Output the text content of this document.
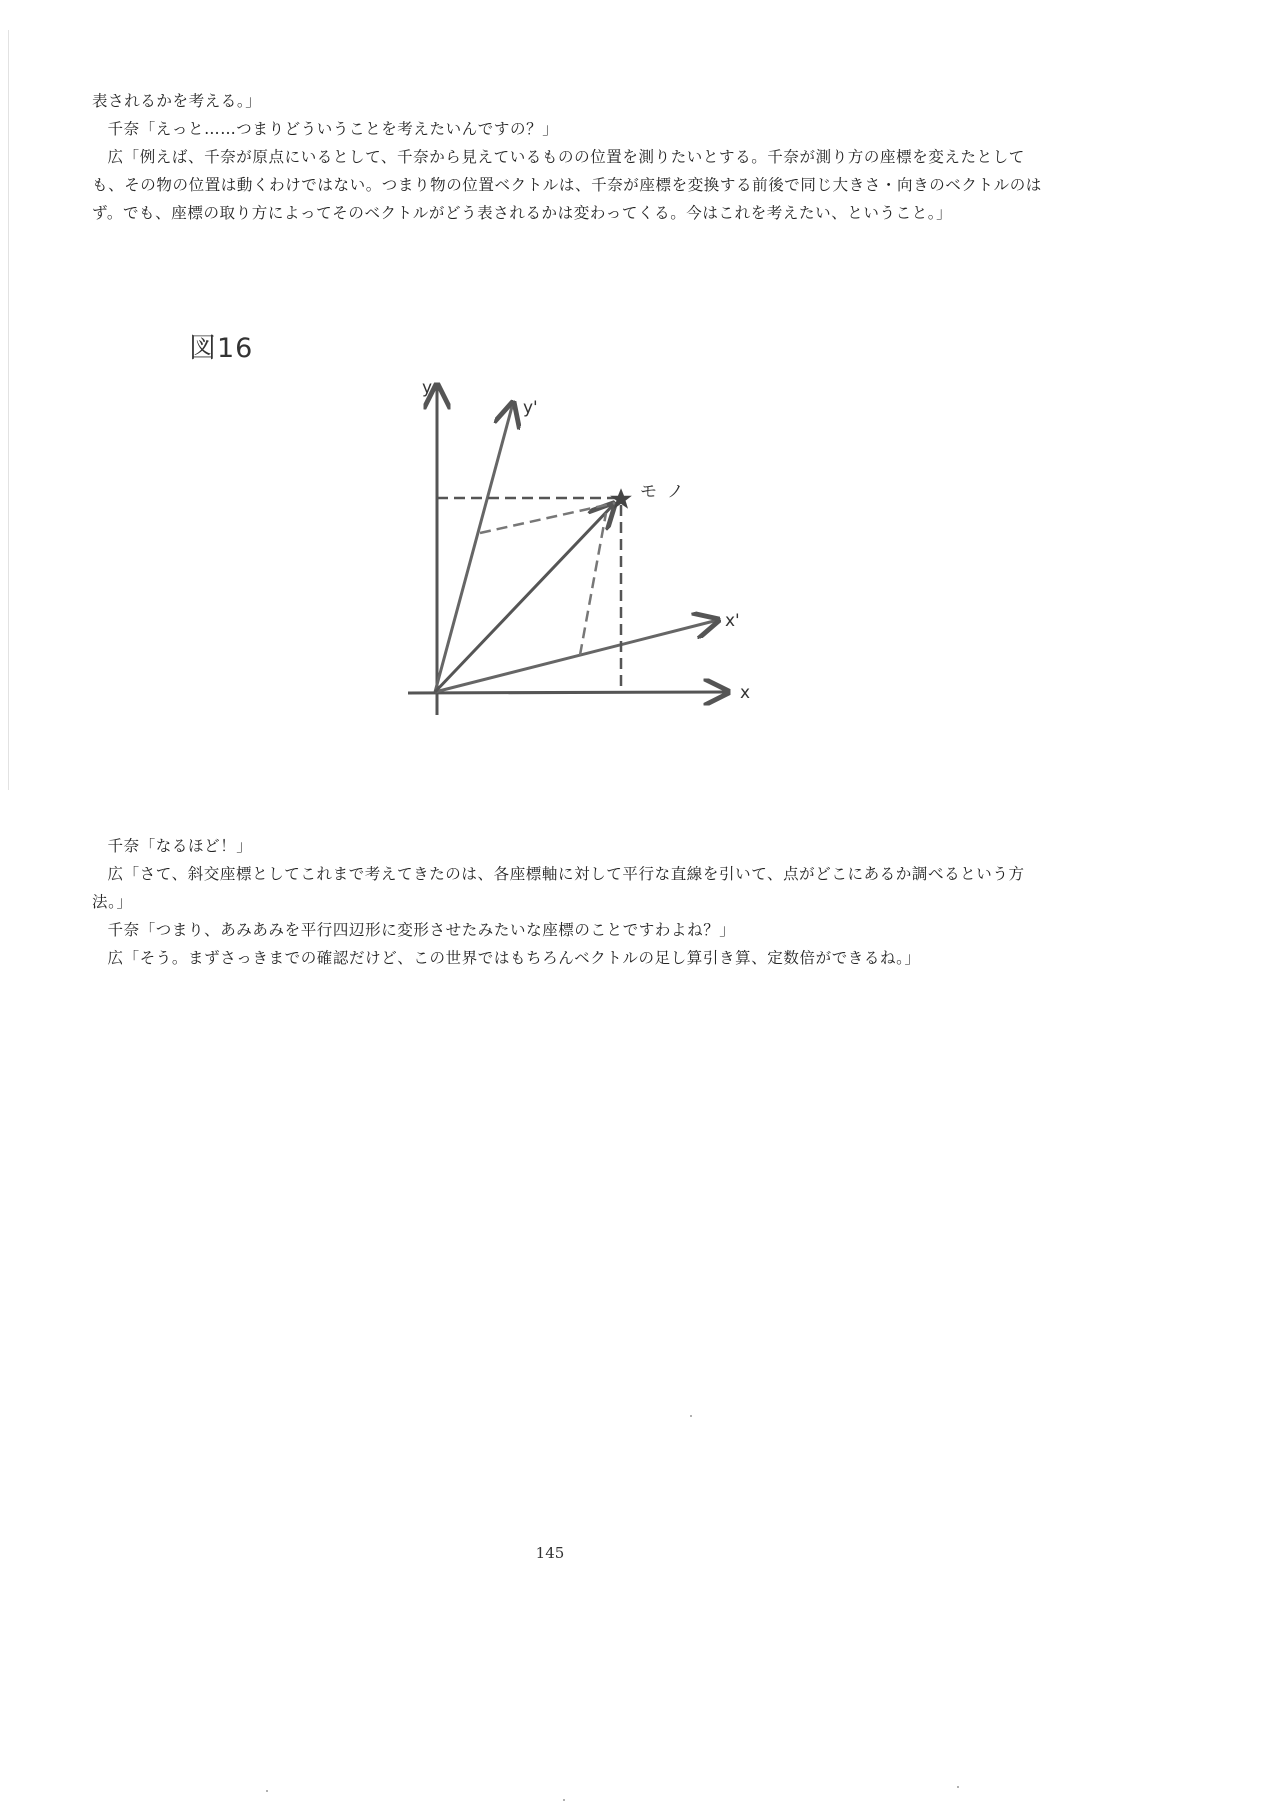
表されるかを考える。」

千奈「えっと……つまりどういうことを考えたいんですの？」

広「例えば、千奈が原点にいるとして、千奈から見えているものの位置を測りたいとする。千奈が測り方の座標を変えたとしても、その物の位置は動くわけではない。つまり物の位置ベクトルは、千奈が座標を変換する前後で同じ大きさ・向きのベクトルのはず。でも、座標の取り方によってそのベクトルがどう表されるかは変わってくる。今はこれを考えたい、ということ。」

図16
y
y'
モノ
x'
x

千奈「なるほど！」

広「さて、斜交座標としてこれまで考えてきたのは、各座標軸に対して平行な直線を引いて、点がどこにあるか調べるという方法。」

千奈「つまり、あみあみを平行四辺形に変形させたみたいな座標のことですわよね？」

広「そう。まずさっきまでの確認だけど、この世界ではもちろんベクトルの足し算引き算、定数倍ができるね。」

145
